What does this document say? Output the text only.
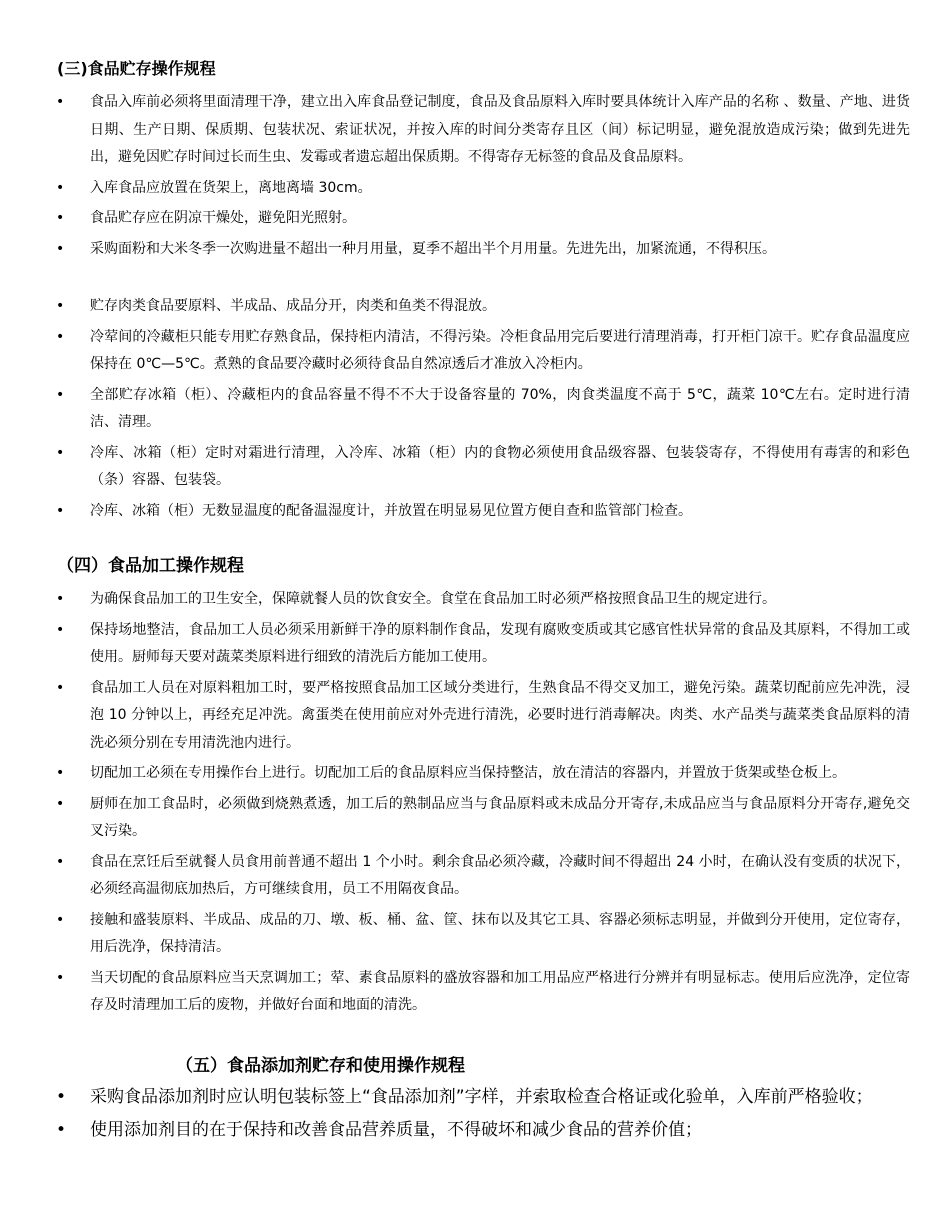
(三)食品贮存操作规程
• 食品入库前必须将里面清理干净，建立出入库食品登记制度，食品及食品原料入库时要具体统计入库产品的名称 、数量、产地、进货日期、生产日期、保质期、包装状况、索证状况，并按入库的时间分类寄存且区（间）标记明显，避免混放造成污染；做到先进先出，避免因贮存时间过长而生虫、发霉或者遗忘超出保质期。不得寄存无标签的食品及食品原料。
• 入库食品应放置在货架上，离地离墙 30cm。
• 食品贮存应在阴凉干燥处，避免阳光照射。
• 采购面粉和大米冬季一次购进量不超出一种月用量，夏季不超出半个月用量。先进先出，加紧流通，不得积压。
• 贮存肉类食品要原料、半成品、成品分开，肉类和鱼类不得混放。
• 冷荤间的冷藏柜只能专用贮存熟食品，保持柜内清洁，不得污染。冷柜食品用完后要进行清理消毒，打开柜门凉干。贮存食品温度应保持在 0℃—5℃。煮熟的食品要冷藏时必须待食品自然凉透后才准放入冷柜内。
• 全部贮存冰箱（柜）、冷藏柜内的食品容量不得不不大于设备容量的 70%，肉食类温度不高于 5℃，蔬菜 10℃左右。定时进行清洁、清理。
• 冷库、冰箱（柜）定时对霜进行清理，入冷库、冰箱（柜）内的食物必须使用食品级容器、包装袋寄存，不得使用有毒害的和彩色（条）容器、包装袋。
• 冷库、冰箱（柜）无数显温度的配备温湿度计，并放置在明显易见位置方便自查和监管部门检查。
（四）食品加工操作规程
• 为确保食品加工的卫生安全，保障就餐人员的饮食安全。食堂在食品加工时必须严格按照食品卫生的规定进行。
• 保持场地整洁，食品加工人员必须采用新鲜干净的原料制作食品，发现有腐败变质或其它感官性状异常的食品及其原料，不得加工或使用。厨师每天要对蔬菜类原料进行细致的清洗后方能加工使用。
• 食品加工人员在对原料粗加工时，要严格按照食品加工区域分类进行，生熟食品不得交叉加工，避免污染。蔬菜切配前应先冲洗，浸泡 10 分钟以上，再经充足冲洗。禽蛋类在使用前应对外壳进行清洗，必要时进行消毒解决。肉类、水产品类与蔬菜类食品原料的清洗必须分别在专用清洗池内进行。
• 切配加工必须在专用操作台上进行。切配加工后的食品原料应当保持整洁，放在清洁的容器内，并置放于货架或垫仓板上。
• 厨师在加工食品时，必须做到烧熟煮透，加工后的熟制品应当与食品原料或未成品分开寄存,未成品应当与食品原料分开寄存,避免交叉污染。
• 食品在烹饪后至就餐人员食用前普通不超出 1 个小时。剩余食品必须冷藏，冷藏时间不得超出 24 小时，在确认没有变质的状况下，必须经高温彻底加热后，方可继续食用，员工不用隔夜食品。
• 接触和盛装原料、半成品、成品的刀、墩、板、桶、盆、筐、抹布以及其它工具、容器必须标志明显，并做到分开使用，定位寄存，用后洗净，保持清洁。
• 当天切配的食品原料应当天烹调加工；荤、素食品原料的盛放容器和加工用品应严格进行分辨并有明显标志。使用后应洗净，定位寄存及时清理加工后的废物，并做好台面和地面的清洗。
（五）食品添加剂贮存和使用操作规程
• 采购食品添加剂时应认明包装标签上“食品添加剂”字样，并索取检查合格证或化验单，入库前严格验收；
• 使用添加剂目的在于保持和改善食品营养质量，不得破坏和减少食品的营养价值；
